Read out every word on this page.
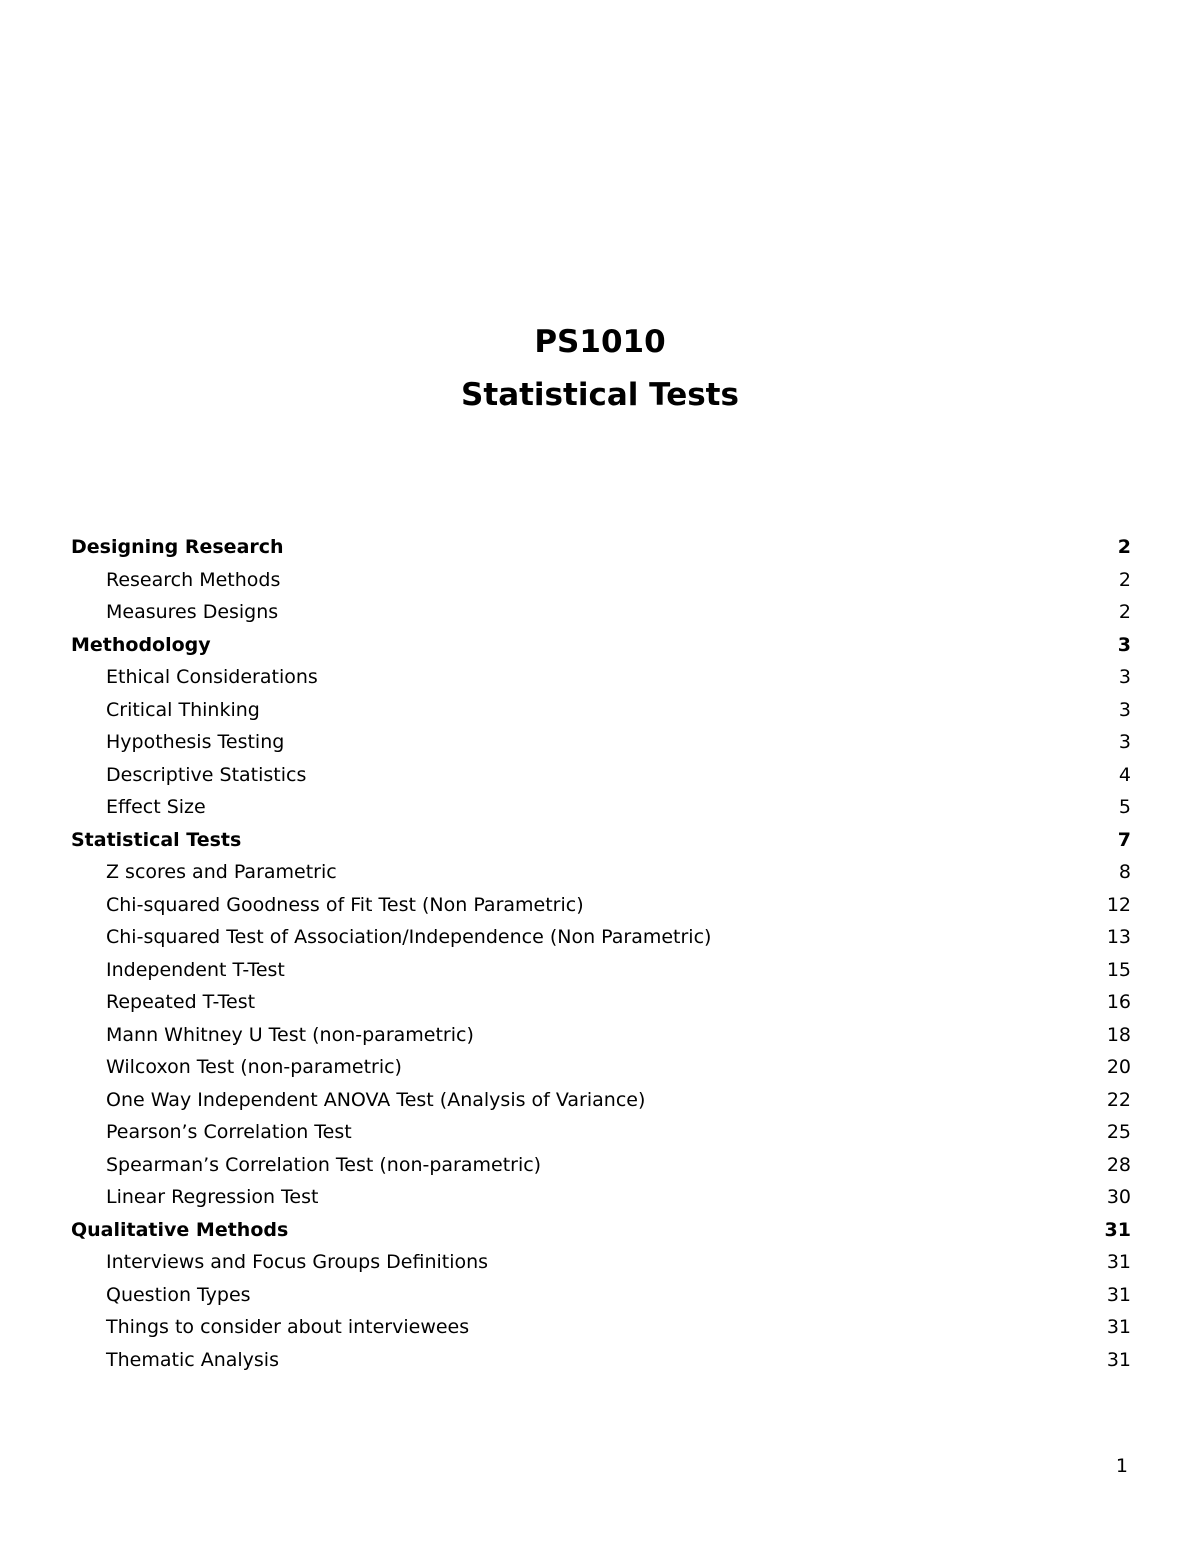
PS1010
Statistical Tests
Designing Research	2
Research Methods	2
Measures Designs	2
Methodology	3
Ethical Considerations	3
Critical Thinking	3
Hypothesis Testing	3
Descriptive Statistics	4
Effect Size	5
Statistical Tests	7
Z scores and Parametric	8
Chi-squared Goodness of Fit Test (Non Parametric)	12
Chi-squared Test of Association/Independence (Non Parametric)	13
Independent T-Test	15
Repeated T-Test	16
Mann Whitney U Test (non-parametric)	18
Wilcoxon Test (non-parametric)	20
One Way Independent ANOVA Test (Analysis of Variance)	22
Pearson’s Correlation Test	25
Spearman’s Correlation Test (non-parametric)	28
Linear Regression Test	30
Qualitative Methods	31
Interviews and Focus Groups Definitions	31
Question Types	31
Things to consider about interviewees	31
Thematic Analysis	31
1
